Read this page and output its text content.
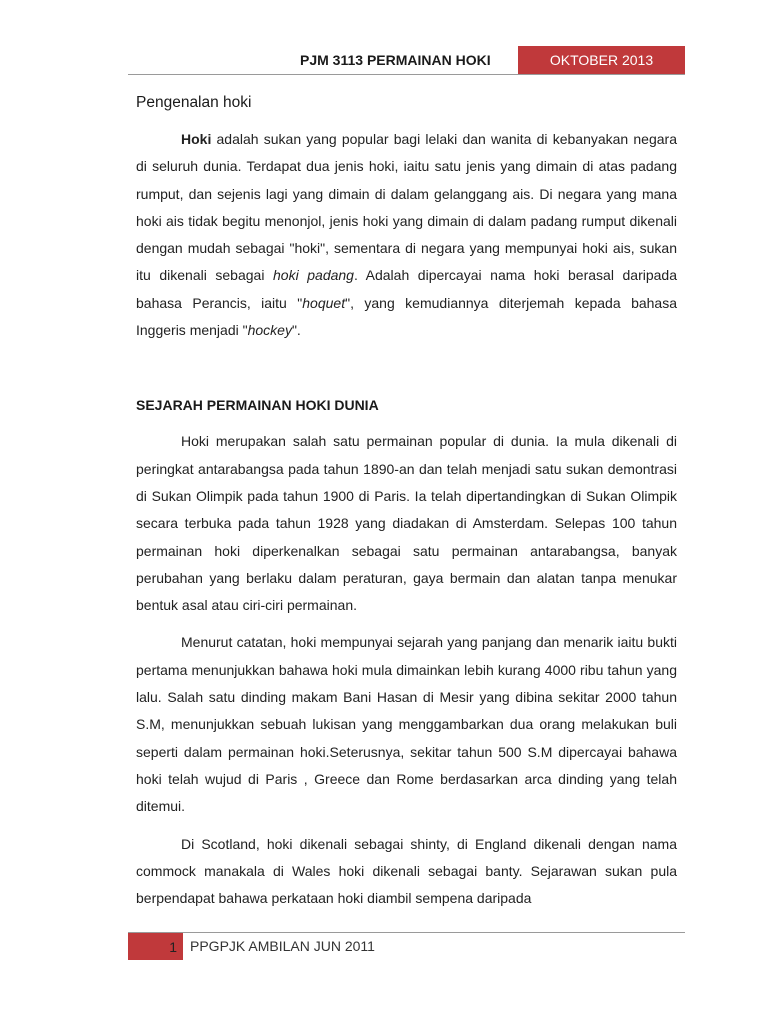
PJM 3113 PERMAINAN HOKI	OKTOBER 2013
Pengenalan hoki

Hoki adalah sukan yang popular bagi lelaki dan wanita di kebanyakan negara di seluruh dunia. Terdapat dua jenis hoki, iaitu satu jenis yang dimain di atas padang rumput, dan sejenis lagi yang dimain di dalam gelanggang ais. Di negara yang mana hoki ais tidak begitu menonjol, jenis hoki yang dimain di dalam padang rumput dikenali dengan mudah sebagai "hoki", sementara di negara yang mempunyai hoki ais, sukan itu dikenali sebagai hoki padang. Adalah dipercayai nama hoki berasal daripada bahasa Perancis, iaitu "hoquet", yang kemudiannya diterjemah kepada bahasa Inggeris menjadi "hockey".

SEJARAH PERMAINAN HOKI DUNIA

Hoki merupakan salah satu permainan popular di dunia. Ia mula dikenali di peringkat antarabangsa pada tahun 1890-an dan telah menjadi satu sukan demontrasi di Sukan Olimpik pada tahun 1900 di Paris. Ia telah dipertandingkan di Sukan Olimpik secara terbuka pada tahun 1928 yang diadakan di Amsterdam. Selepas 100 tahun permainan hoki diperkenalkan sebagai satu permainan antarabangsa, banyak perubahan yang berlaku dalam peraturan, gaya bermain dan alatan tanpa menukar bentuk asal atau ciri-ciri permainan.

Menurut catatan, hoki mempunyai sejarah yang panjang dan menarik iaitu bukti pertama menunjukkan bahawa hoki mula dimainkan lebih kurang 4000 ribu tahun yang lalu. Salah satu dinding makam Bani Hasan di Mesir yang dibina sekitar 2000 tahun S.M, menunjukkan sebuah lukisan yang menggambarkan dua orang melakukan buli seperti dalam permainan hoki.Seterusnya, sekitar tahun 500 S.M dipercayai bahawa hoki telah wujud di Paris , Greece dan Rome berdasarkan arca dinding yang telah ditemui.

Di Scotland, hoki dikenali sebagai shinty, di England dikenali dengan nama commock manakala di Wales hoki dikenali sebagai banty. Sejarawan sukan pula berpendapat bahawa perkataan hoki diambil sempena daripada

1 PPGPJK AMBILAN JUN 2011
